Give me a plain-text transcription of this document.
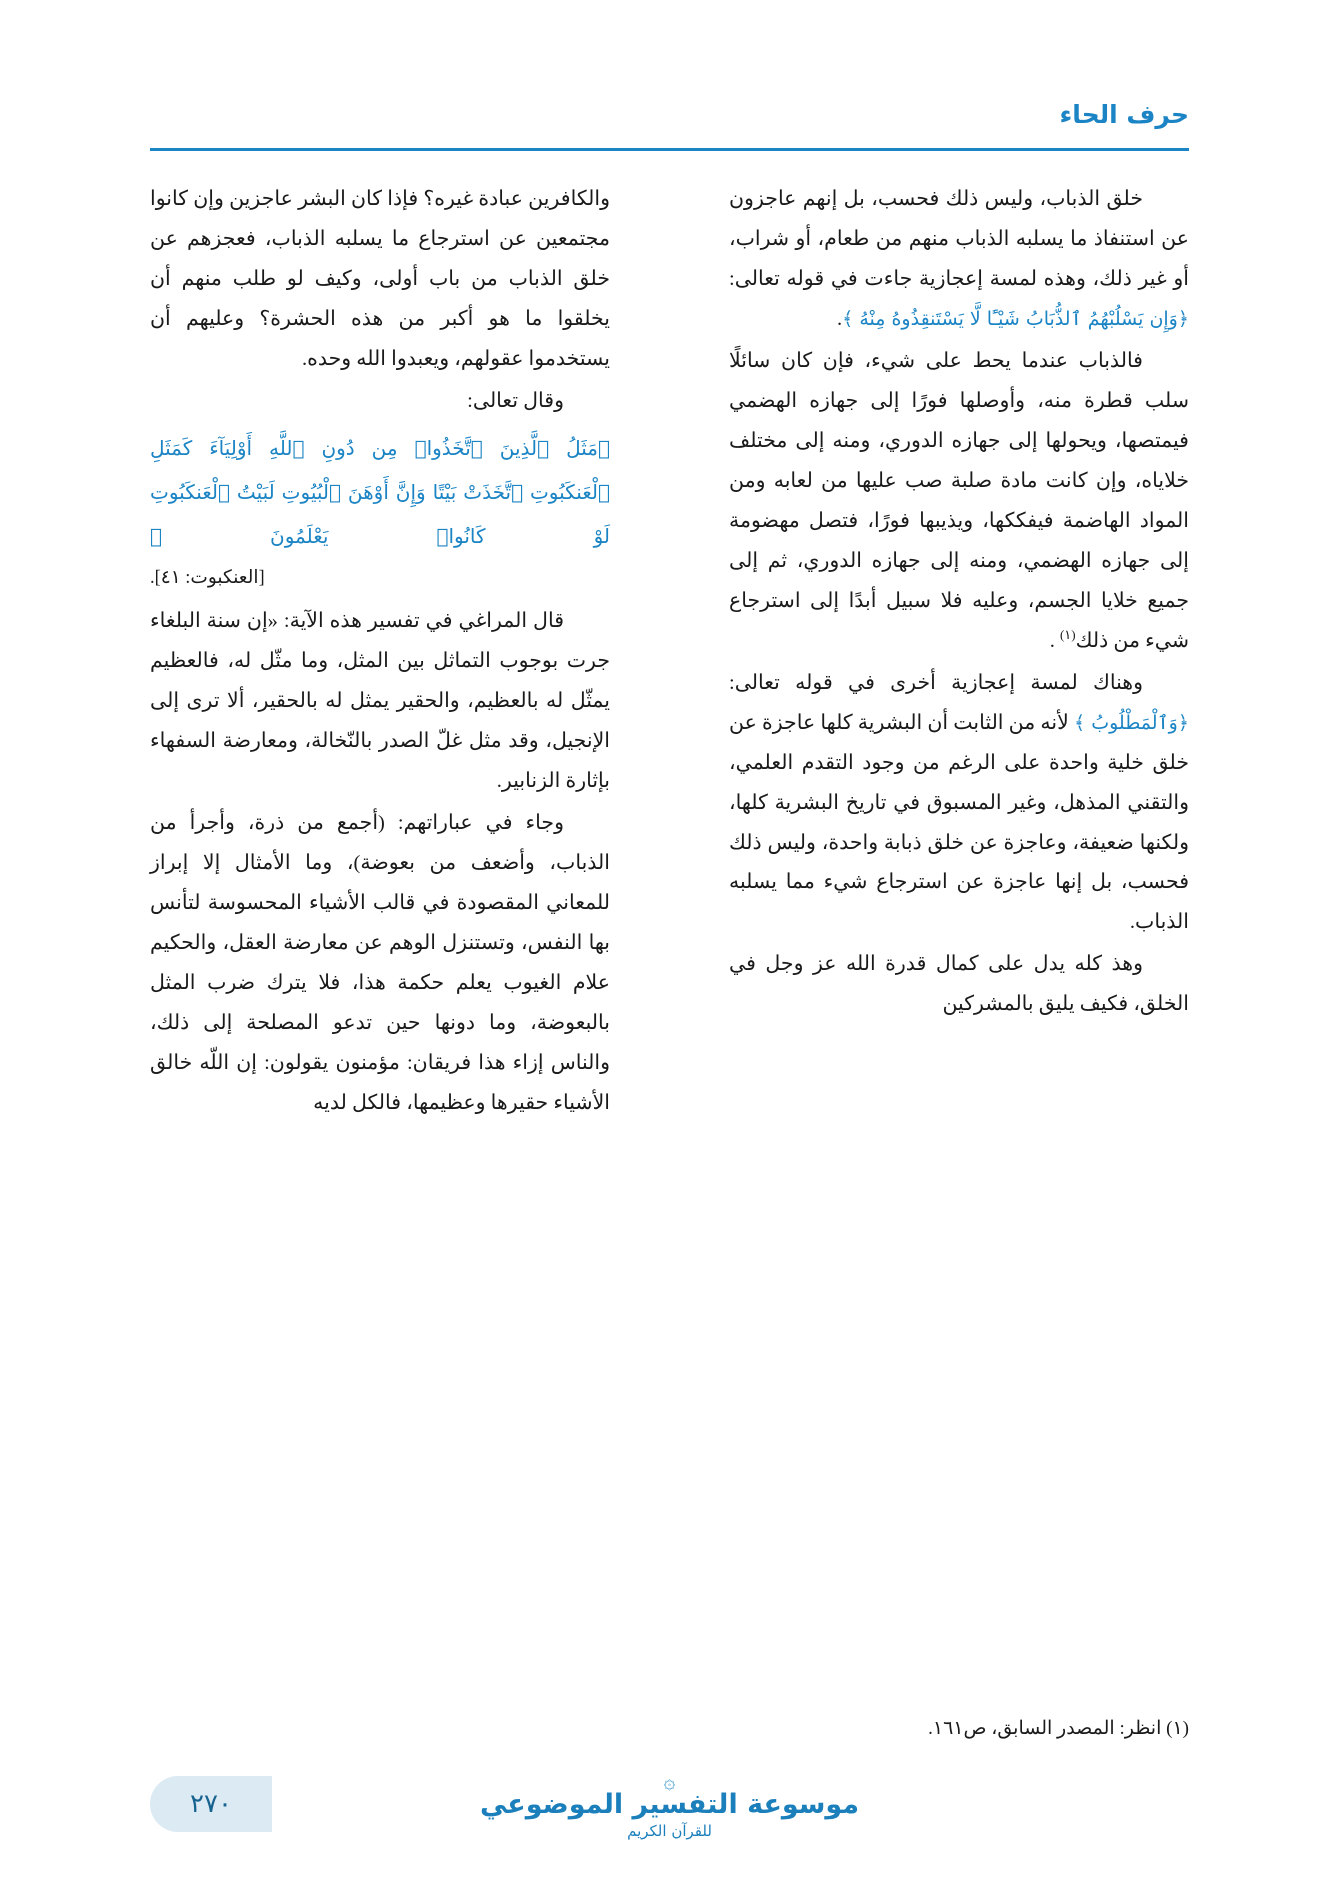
حرف الحاء

خلق الذباب، وليس ذلك فحسب، بل إنهم عاجزون عن استنفاذ ما يسلبه الذباب منهم من طعام، أو شراب، أو غير ذلك، وهذه لمسة إعجازية جاءت في قوله تعالى: ﴿وَإِن يَسْلُبْهُمُ ٱلذُّبَابُ شَيْـًٔا لَّا يَسْتَنقِذُوهُ مِنْهُ ﴾.

فالذباب عندما يحط على شيء، فإن كان سائلًا سلب قطرة منه، وأوصلها فورًا إلى جهازه الهضمي فيمتصها، ويحولها إلى جهازه الدوري، ومنه إلى مختلف خلاياه، وإن كانت مادة صلبة صب عليها من لعابه ومن المواد الهاضمة فيفككها، ويذيبها فورًا، فتصل مهضومة إلى جهازه الهضمي، ومنه إلى جهازه الدوري، ثم إلى جميع خلايا الجسم، وعليه فلا سبيل أبدًا إلى استرجاع شيء من ذلك$^{(١)}$ .

وهناك لمسة إعجازية أخرى في قوله تعالى: ﴿وَٱلْمَطْلُوبُ ﴾ لأنه من الثابت أن البشرية كلها عاجزة عن خلق خلية واحدة على الرغم من وجود التقدم العلمي، والتقني المذهل، وغير المسبوق في تاريخ البشرية كلها، ولكنها ضعيفة، وعاجزة عن خلق ذبابة واحدة، وليس ذلك فحسب، بل إنها عاجزة عن استرجاع شيء مما يسلبه الذباب.

وهذ كله يدل على كمال قدرة الله عز وجل في الخلق، فكيف يليق بالمشركين

والكافرين عبادة غيره؟ فإذا كان البشر عاجزين وإن كانوا مجتمعين عن استرجاع ما يسلبه الذباب، فعجزهم عن خلق الذباب من باب أولى، وكيف لو طلب منهم أن يخلقوا ما هو أكبر من هذه الحشرة؟ وعليهم أن يستخدموا عقولهم، ويعبدوا الله وحده.

وقال تعالى:

﴿مَثَلُ ٱلَّذِينَ ٱتَّخَذُوا۟ مِن دُونِ ٱللَّهِ أَوْلِيَآءَ كَمَثَلِ ٱلْعَنكَبُوتِ ٱتَّخَذَتْ بَيْتًا وَإِنَّ أَوْهَنَ ٱلْبُيُوتِ لَبَيْتُ ٱلْعَنكَبُوتِ لَوْ كَانُوا۟ يَعْلَمُونَ ﴾
[العنكبوت: ٤١].

قال المراغي في تفسير هذه الآية: «إن سنة البلغاء جرت بوجوب التماثل بين المثل، وما مثّل له، فالعظيم يمثّل له بالعظيم، والحقير يمثل له بالحقير، ألا ترى إلى الإنجيل، وقد مثل غلّ الصدر بالنّخالة، ومعارضة السفهاء بإثارة الزنابير.

وجاء في عباراتهم: (أجمع من ذرة، وأجرأ من الذباب، وأضعف من بعوضة)، وما الأمثال إلا إبراز للمعاني المقصودة في قالب الأشياء المحسوسة لتأنس بها النفس، وتستنزل الوهم عن معارضة العقل، والحكيم علام الغيوب يعلم حكمة هذا، فلا يترك ضرب المثل بالبعوضة، وما دونها حين تدعو المصلحة إلى ذلك، والناس إزاء هذا فريقان: مؤمنون يقولون: إن اللّه خالق الأشياء حقيرها وعظيمها، فالكل لديه

(١) انظر: المصدر السابق، ص١٦١.
۞
موسوعة التفسير الموضوعي
للقرآن الكريم
٢٧٠
